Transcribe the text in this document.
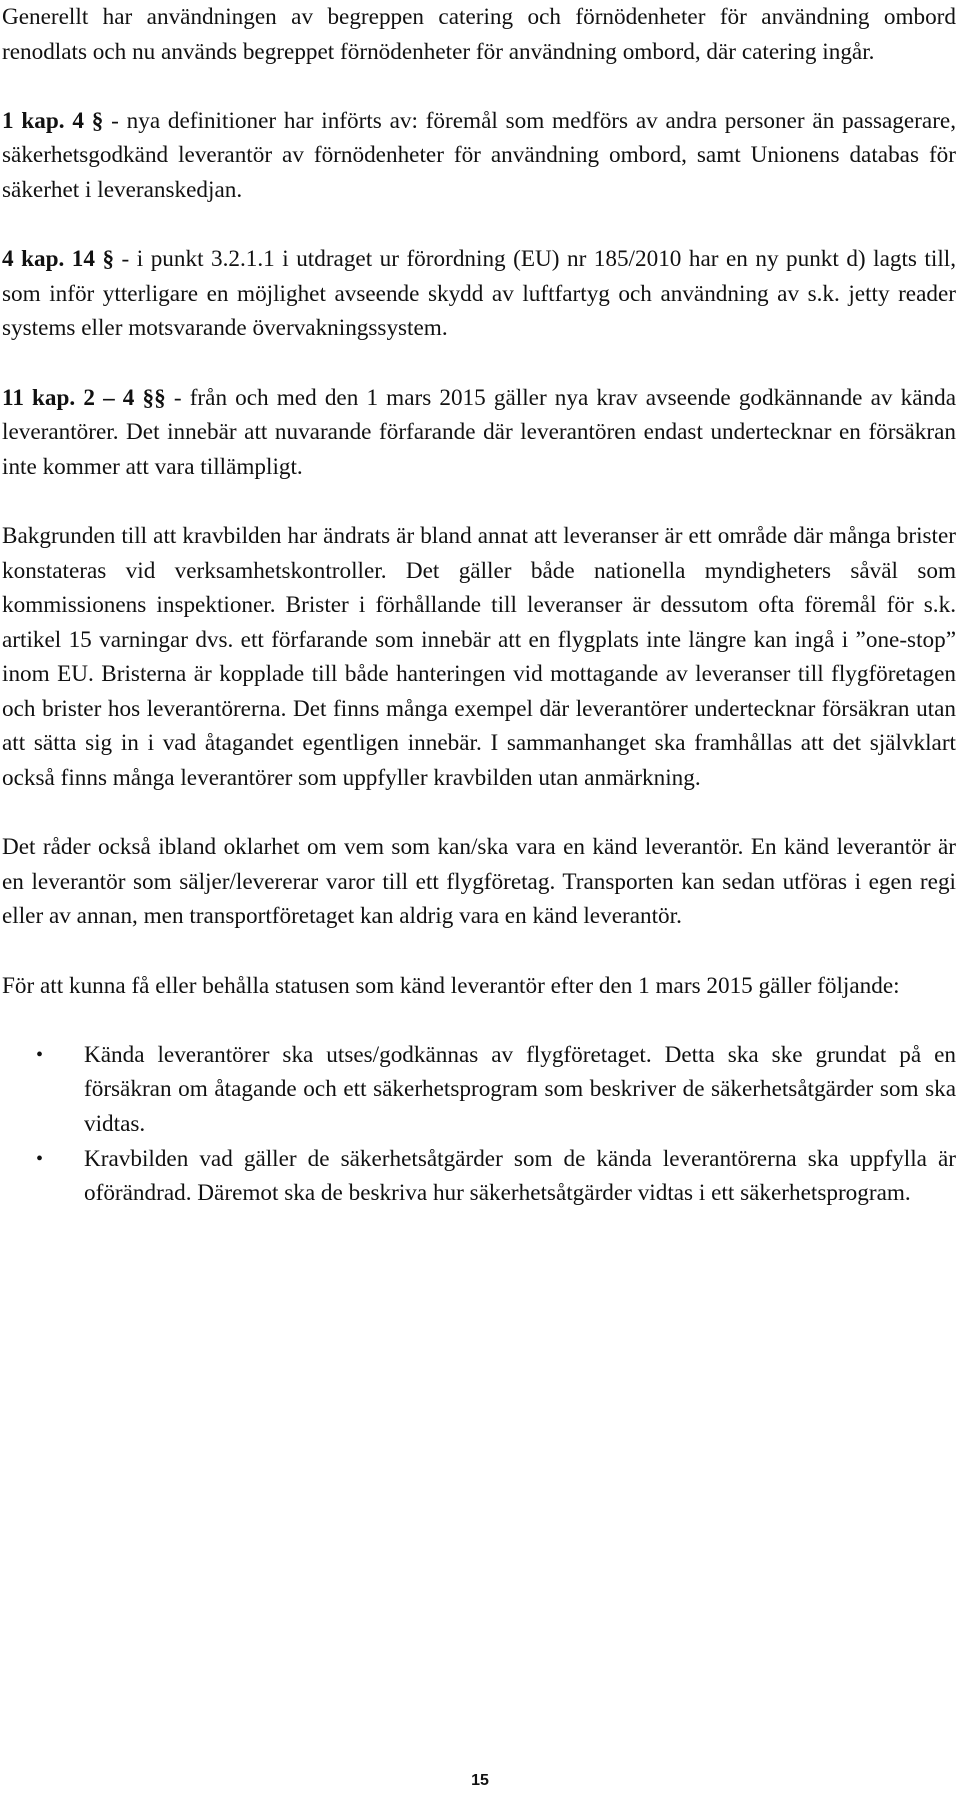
Generellt har användningen av begreppen catering och förnödenheter för användning ombord renodlats och nu används begreppet förnödenheter för användning ombord, där catering ingår.

1 kap. 4 § - nya definitioner har införts av: föremål som medförs av andra personer än passagerare, säkerhetsgodkänd leverantör av förnödenheter för användning ombord, samt Unionens databas för säkerhet i leveranskedjan.

4 kap. 14 § - i punkt 3.2.1.1 i utdraget ur förordning (EU) nr 185/2010 har en ny punkt d) lagts till, som inför ytterligare en möjlighet avseende skydd av luftfartyg och användning av s.k. jetty reader systems eller motsvarande övervakningssystem.

11 kap. 2 – 4 §§ - från och med den 1 mars 2015 gäller nya krav avseende godkännande av kända leverantörer. Det innebär att nuvarande förfarande där leverantören endast undertecknar en försäkran inte kommer att vara tillämpligt.

Bakgrunden till att kravbilden har ändrats är bland annat att leveranser är ett område där många brister konstateras vid verksamhetskontroller. Det gäller både nationella myndigheters såväl som kommissionens inspektioner. Brister i förhållande till leveranser är dessutom ofta föremål för s.k. artikel 15 varningar dvs. ett förfarande som innebär att en flygplats inte längre kan ingå i ”one-stop” inom EU. Bristerna är kopplade till både hanteringen vid mottagande av leveranser till flygföretagen och brister hos leverantörerna. Det finns många exempel där leverantörer undertecknar försäkran utan att sätta sig in i vad åtagandet egentligen innebär. I sammanhanget ska framhållas att det självklart också finns många leverantörer som uppfyller kravbilden utan anmärkning.

Det råder också ibland oklarhet om vem som kan/ska vara en känd leverantör. En känd leverantör är en leverantör som säljer/levererar varor till ett flygföretag. Transporten kan sedan utföras i egen regi eller av annan, men transportföretaget kan aldrig vara en känd leverantör.

För att kunna få eller behålla statusen som känd leverantör efter den 1 mars 2015 gäller följande:

• Kända leverantörer ska utses/godkännas av flygföretaget. Detta ska ske grundat på en försäkran om åtagande och ett säkerhetsprogram som beskriver de säkerhetsåtgärder som ska vidtas.
• Kravbilden vad gäller de säkerhetsåtgärder som de kända leverantörerna ska uppfylla är oförändrad. Däremot ska de beskriva hur säkerhetsåtgärder vidtas i ett säkerhetsprogram.
15
